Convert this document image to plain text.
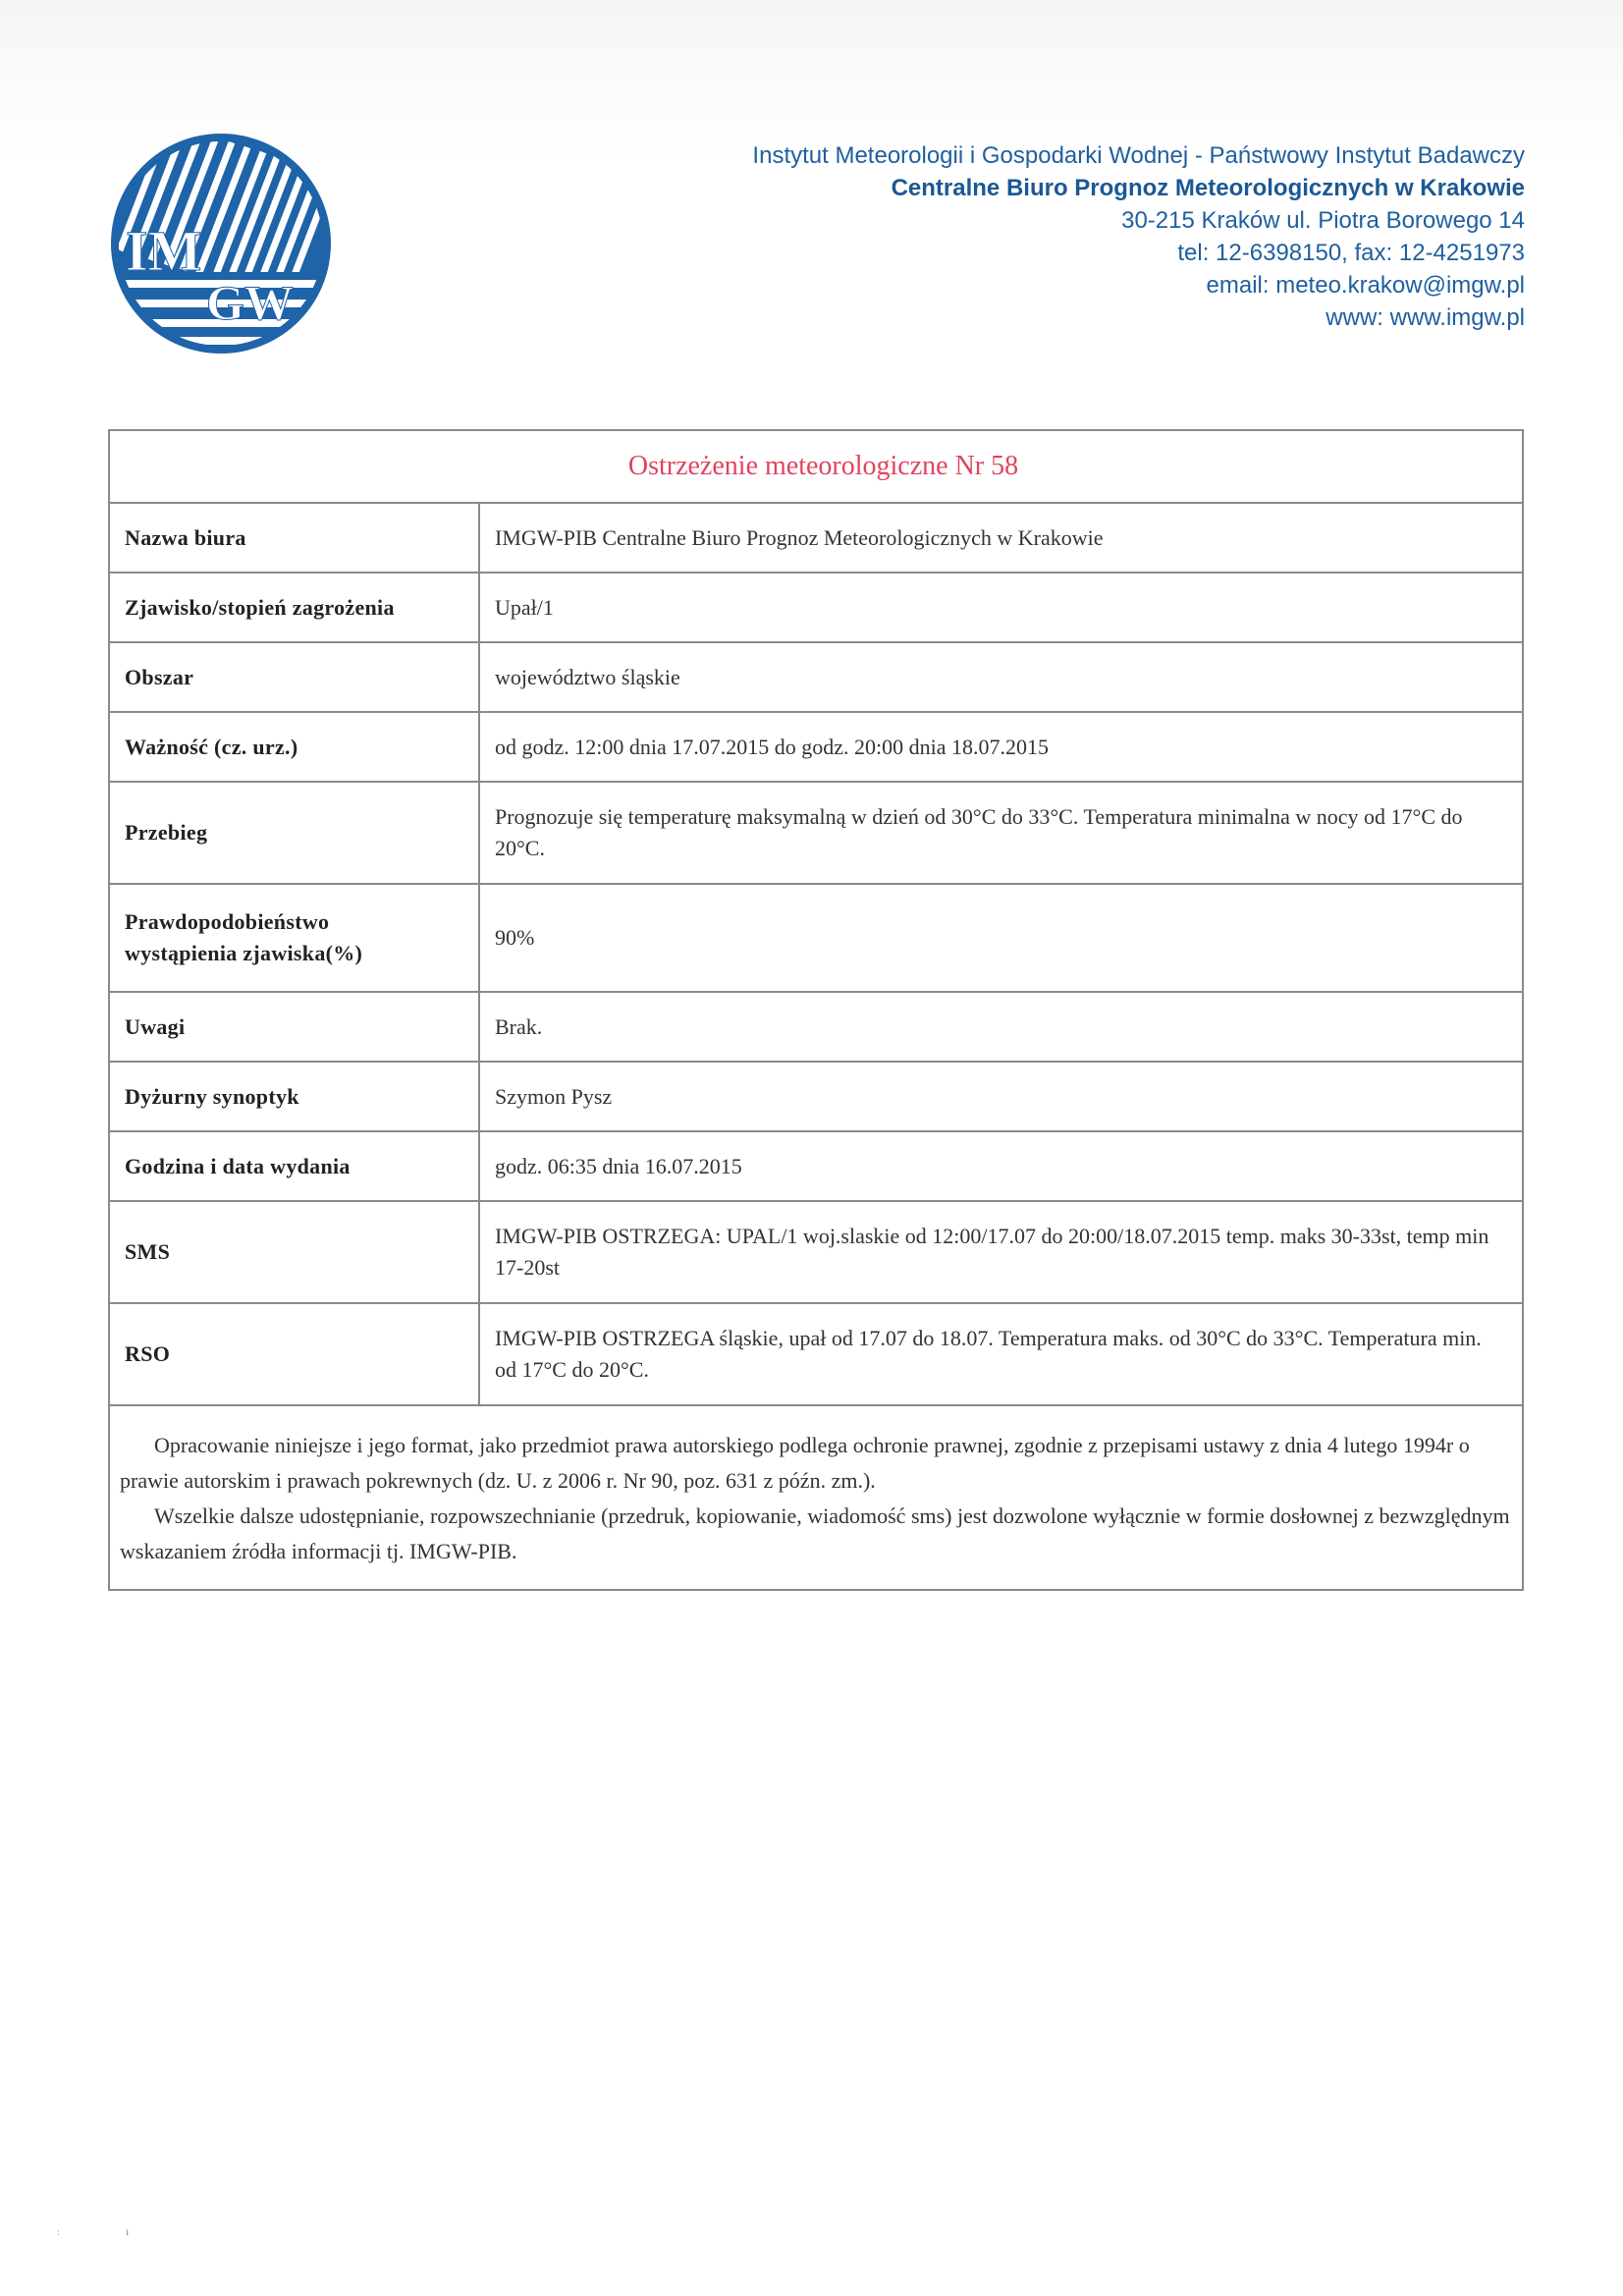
IM
GW
Instytut Meteorologii i Gospodarki Wodnej - Państwowy Instytut Badawczy
Centralne Biuro Prognoz Meteorologicznych w Krakowie
30-215 Kraków ul. Piotra Borowego 14
tel: 12-6398150, fax: 12-4251973
email: meteo.krakow@imgw.pl
www: www.imgw.pl
Ostrzeżenie meteorologiczne Nr 58	
Nazwa biura	IMGW-PIB Centralne Biuro Prognoz Meteorologicznych w Krakowie
Zjawisko/stopień zagrożenia	Upał/1
Obszar	województwo śląskie
Ważność (cz. urz.)	od godz. 12:00 dnia 17.07.2015 do godz. 20:00 dnia 18.07.2015
Przebieg	Prognozuje się temperaturę maksymalną w dzień od 30°C do 33°C. Temperatura minimalna w nocy od 17°C do 20°C.

Prawdopodobieństwo
wystąpienia zjawiska(%)	90%
Uwagi	Brak.
Dyżurny synoptyk	Szymon Pysz
Godzina i data wydania	godz. 06:35 dnia 16.07.2015
SMS	IMGW-PIB OSTRZEGA: UPAL/1 woj.slaskie od 12:00/17.07 do 20:00/18.07.2015 temp. maks 30-33st, temp min 17-20st
RSO	IMGW-PIB OSTRZEGA śląskie, upał od 17.07 do 18.07. Temperatura maks. od 30°C do 33°C. Temperatura min. od 17°C do 20°C.

Opracowanie niniejsze i jego format, jako przedmiot prawa autorskiego podlega ochronie prawnej, zgodnie z przepisami ustawy z dnia 4 lutego 1994r o prawie autorskim i prawach pokrewnych (dz. U. z 2006 r. Nr 90, poz. 631 z późn. zm.).

Wszelkie dalsze udostępnianie, rozpowszechnianie (przedruk, kopiowanie, wiadomość sms) jest dozwolone wyłącznie w formie dosłownej z bezwzględnym wskazaniem źródła informacji tj. IMGW-PIB.	

:	ı
